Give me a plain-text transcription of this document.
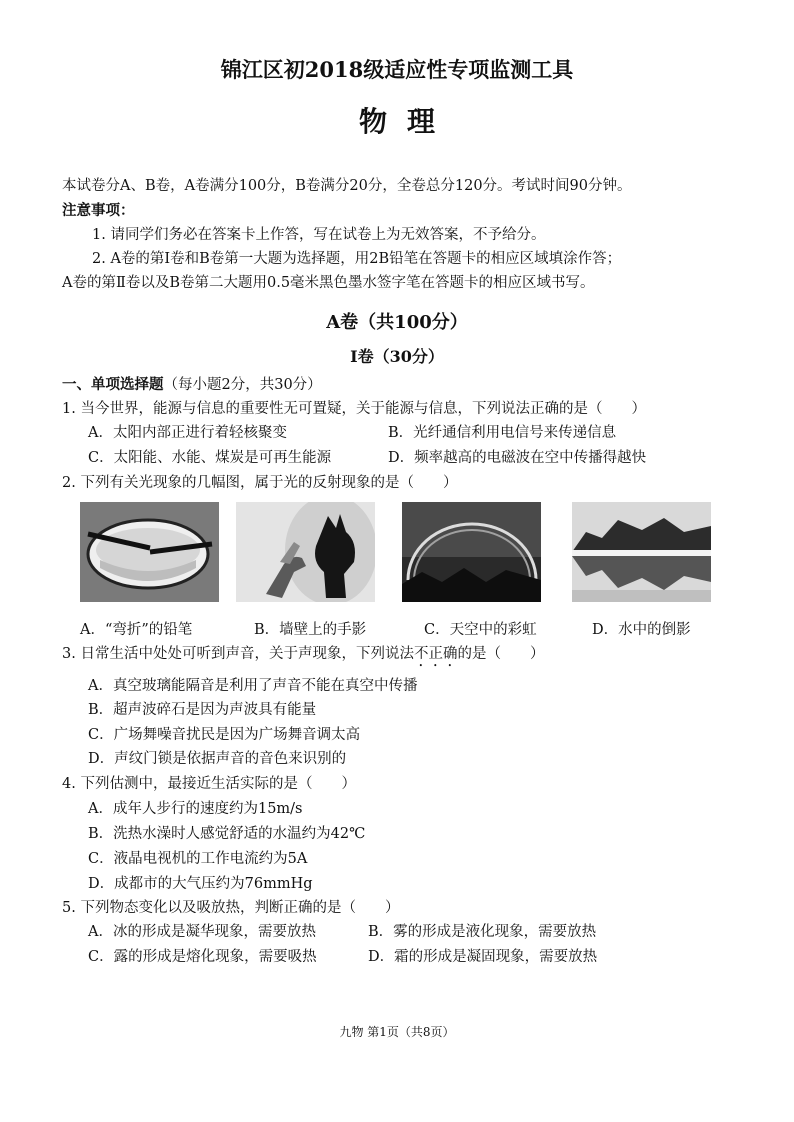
锦江区初2018级适应性专项监测工具
物理
本试卷分A、B卷，A卷满分100分，B卷满分20分，全卷总分120分。考试时间90分钟。
注意事项：
1. 请同学们务必在答案卡上作答，写在试卷上为无效答案，不予给分。
2. A卷的第Ⅰ卷和B卷第一大题为选择题，用2B铅笔在答题卡的相应区域填涂作答；
A卷的第Ⅱ卷以及B卷第二大题用0.5毫米黑色墨水签字笔在答题卡的相应区域书写。
A卷（共100分）
Ⅰ卷（30分）
一、单项选择题（每小题2分，共30分）
1. 当今世界，能源与信息的重要性无可置疑，关于能源与信息，下列说法正确的是（　　）
A．太阳内部正进行着轻核聚变	B．光纤通信利用电信号来传递信息
C．太阳能、水能、煤炭是可再生能源	D．频率越高的电磁波在空中传播得越快
2. 下列有关光现象的几幅图，属于光的反射现象的是（　　）
A．“弯折”的铅笔	B．墙壁上的手影	C．天空中的彩虹	D．水中的倒影
3. 日常生活中处处可听到声音，关于声现象，下列说法不正确的是（　　）
A．真空玻璃能隔音是利用了声音不能在真空中传播
B．超声波碎石是因为声波具有能量
C．广场舞噪音扰民是因为广场舞音调太高
D．声纹门锁是依据声音的音色来识别的
4. 下列估测中，最接近生活实际的是（　　）
A．成年人步行的速度约为15m/s
B．洗热水澡时人感觉舒适的水温约为42℃
C．液晶电视机的工作电流约为5A
D．成都市的大气压约为76mmHg
5. 下列物态变化以及吸放热，判断正确的是（　　）
A．冰的形成是凝华现象，需要放热	B．雾的形成是液化现象，需要放热
C．露的形成是熔化现象，需要吸热	D．霜的形成是凝固现象，需要放热
九物 第1页（共8页）
